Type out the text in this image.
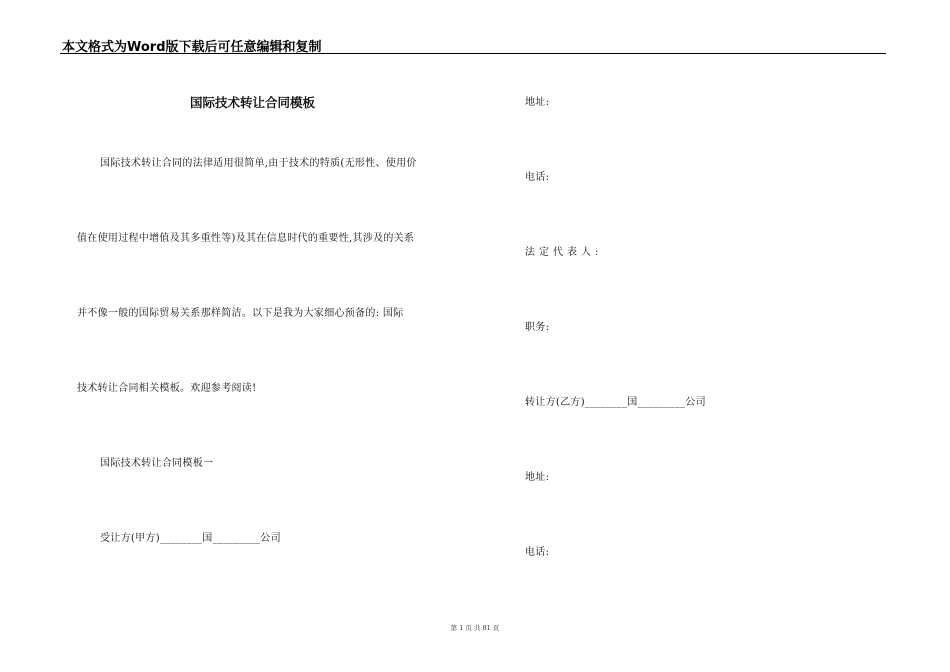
本文格式为Word版下载后可任意编辑和复制
国际技术转让合同模板
国际技术转让合同的法律适用很简单,由于技术的特质(无形性、使用价
值在使用过程中增值及其多重性等)及其在信息时代的重要性,其涉及的关系
并不像一般的国际贸易关系那样简洁。以下是我为大家细心预备的: 国际
技术转让合同相关模板。欢迎参考阅读!
国际技术转让合同模板一
受让方(甲方)________国_________公司
地址:
电话:
法定代表人:
职务:
转让方(乙方)________国_________公司
地址:
电话:
第 1 页 共 81 页
